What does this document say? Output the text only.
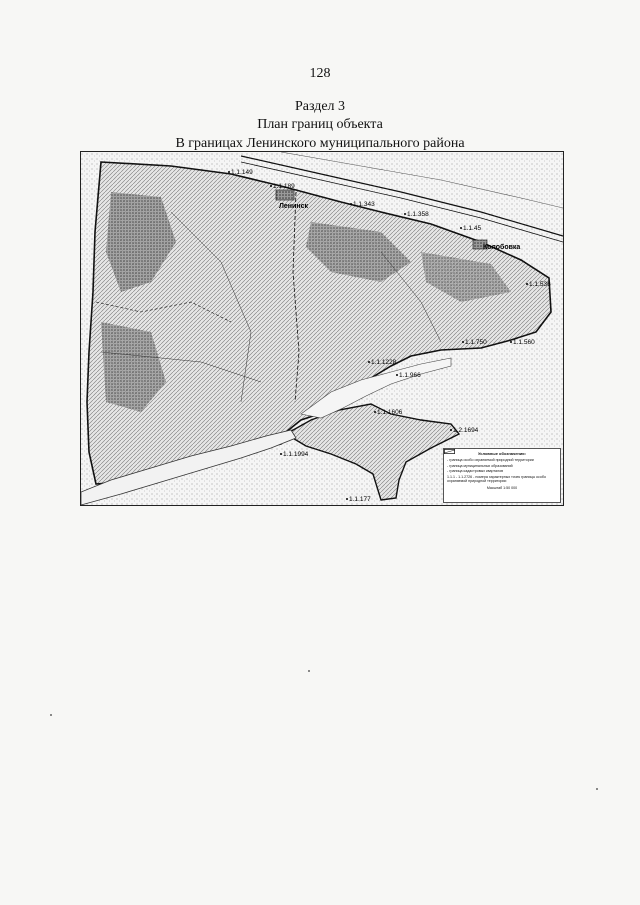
128
Раздел 3
План границ объекта
В границах Ленинского муниципального района
Ленинск
Колобовка
1.1.149
1.1.189
1.1.343
1.1.358
1.1.45
1.1.536
1.1.750	1.1.560
1.1.1228
1.1.966
1.1.1606
1.2.1694
1.1.1994
1.1.177
Условные обозначения:
- граница особо охраняемой природной территории
- граница муниципальных образований
- граница кадастровых кварталов
1.1.1 - 1.1.2726 - номера характерных точек границы особо охраняемой природной территории
Масштаб 1:50 000
